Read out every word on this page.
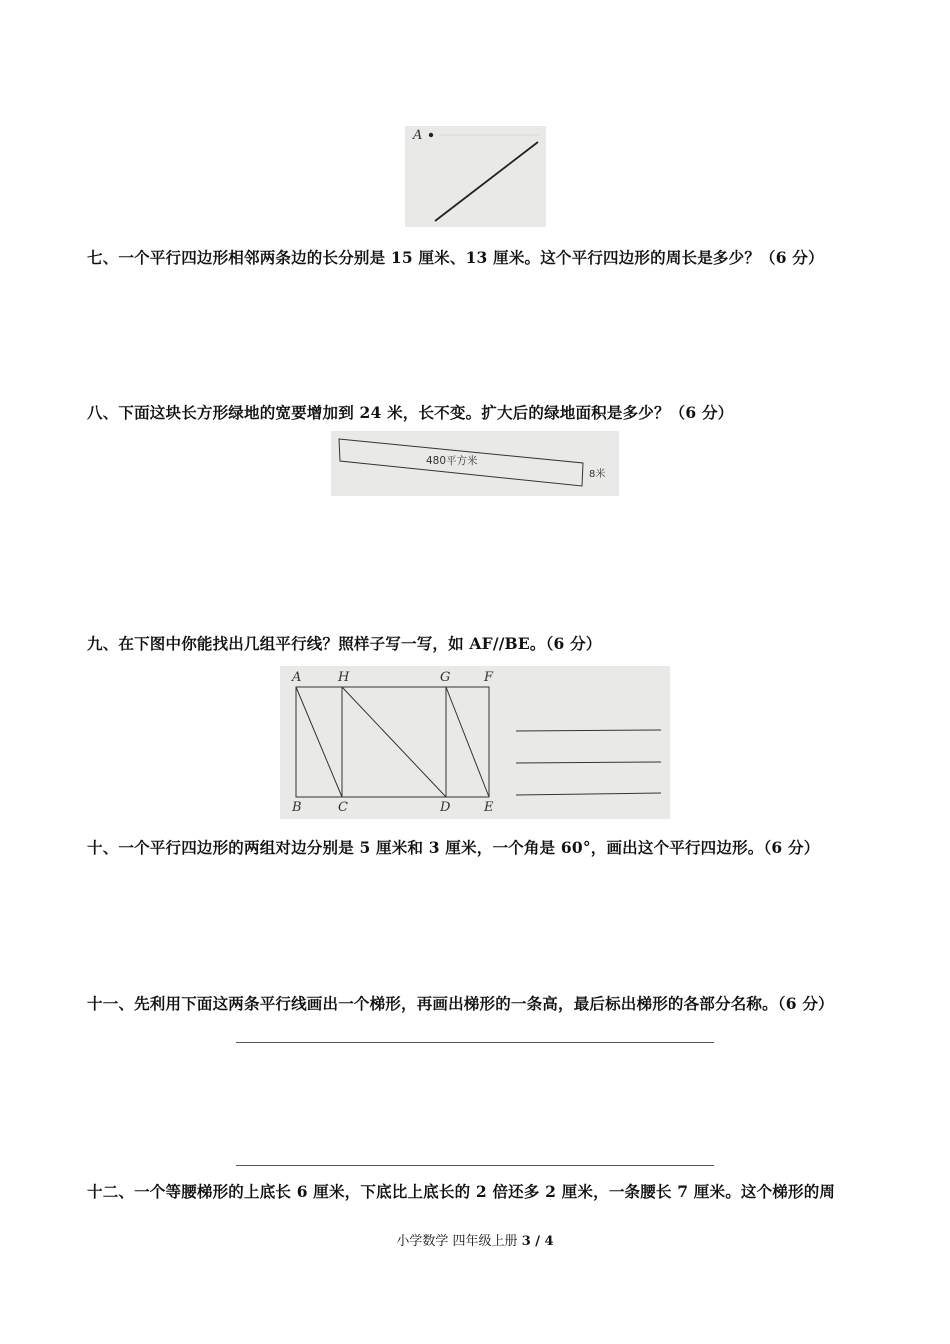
A
七、一个平行四边形相邻两条边的长分别是 15 厘米、13 厘米。这个平行四边形的周长是多少？（6 分）
八、下面这块长方形绿地的宽要增加到 24 米，长不变。扩大后的绿地面积是多少？（6 分）
480平方米
8米
九、在下图中你能找出几组平行线？照样子写一写，如 AF//BE。（6 分）
A	H	G	F
B	C	D	E
十、一个平行四边形的两组对边分别是 5 厘米和 3 厘米，一个角是 60°，画出这个平行四边形。（6 分）
十一、先利用下面这两条平行线画出一个梯形，再画出梯形的一条高，最后标出梯形的各部分名称。（6 分）
十二、一个等腰梯形的上底长 6 厘米，下底比上底长的 2 倍还多 2 厘米，一条腰长 7 厘米。这个梯形的周
小学数学 四年级上册 3 / 4
